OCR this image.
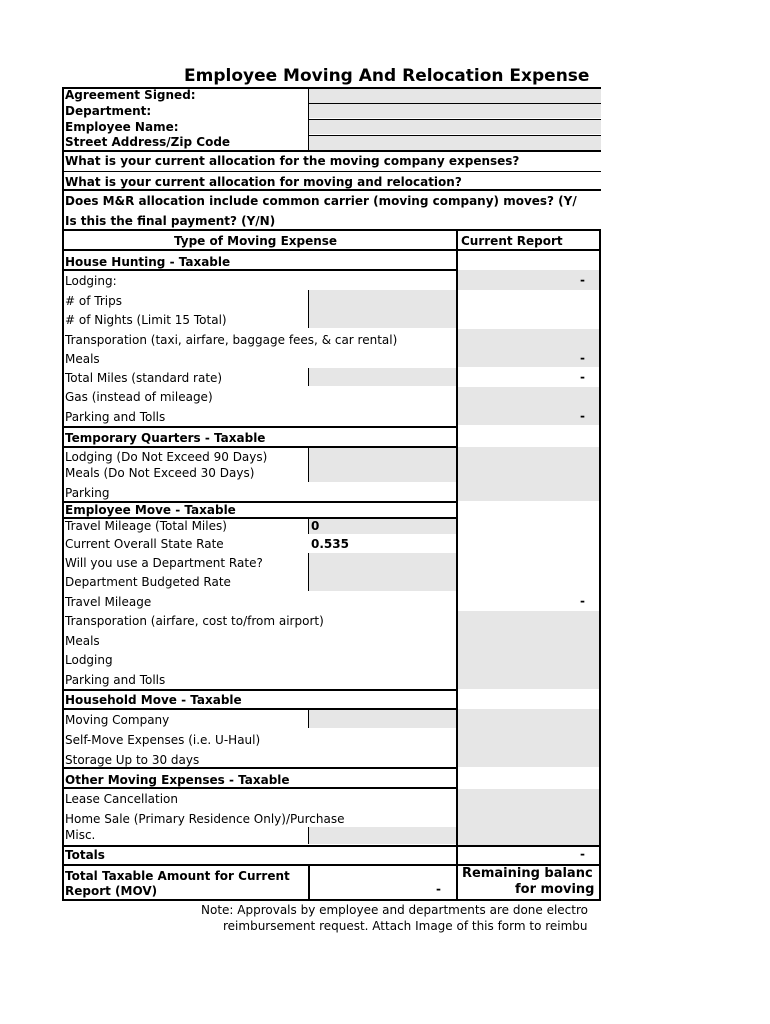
Employee Moving And Relocation Expense
Agreement Signed:
Department:
Employee Name:
Street Address/Zip Code
What is your current allocation for the moving company expenses?
What is your current allocation for moving and relocation?
Does M&R allocation include common carrier (moving company) moves? (Y/
Is this the final payment? (Y/N)
Type of Moving Expense	Current Report
House Hunting - Taxable
Lodging:	-
# of Trips
# of Nights (Limit 15 Total)
Transporation (taxi, airfare, baggage fees, & car rental)
Meals	-
Total Miles (standard rate)	-
Gas (instead of mileage)
Parking and Tolls	-
Temporary Quarters - Taxable
Lodging (Do Not Exceed 90 Days)
Meals (Do Not Exceed 30 Days)
Parking
Employee Move - Taxable
Travel Mileage (Total Miles)	0
Current Overall State Rate	0.535
Will you use a Department Rate?
Department Budgeted Rate
Travel Mileage	-
Transporation (airfare, cost to/from airport)
Meals
Lodging
Parking and Tolls
Household Move - Taxable
Moving Company
Self-Move Expenses (i.e. U-Haul)
Storage Up to 30 days
Other Moving Expenses - Taxable
Lease Cancellation
Home Sale (Primary Residence Only)/Purchase
Misc.
Totals	-
Total Taxable Amount for Current
Report (MOV)	-
Remaining balanc
for moving
Note: Approvals by employee and departments are done electro
reimbursement request. Attach Image of this form to reimbu
